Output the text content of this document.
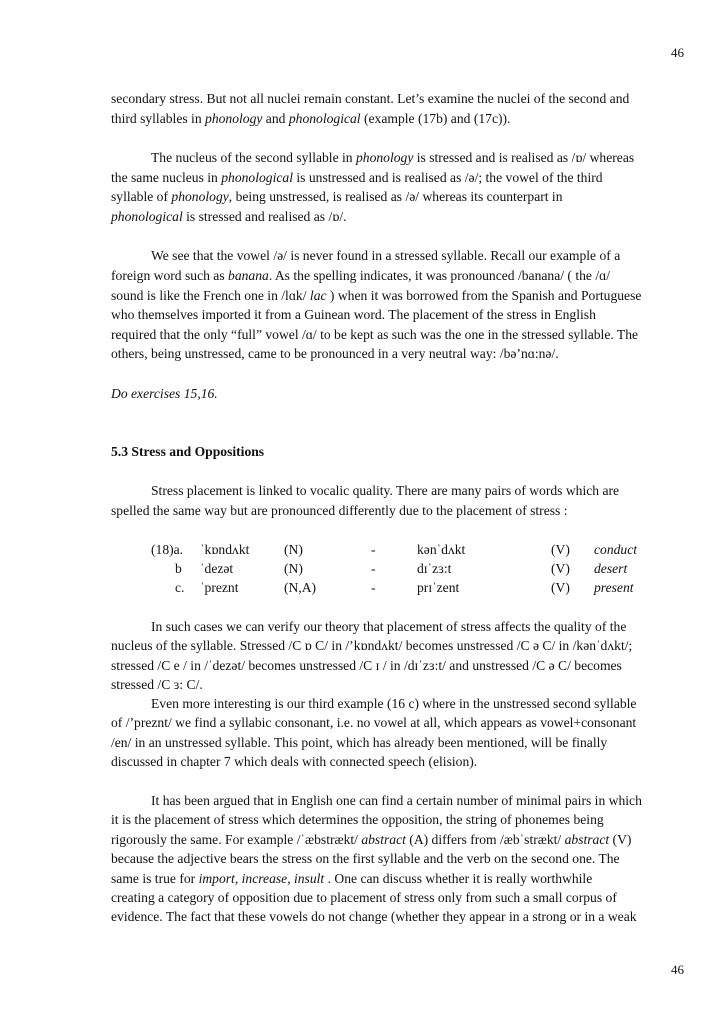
46
secondary stress. But not all nuclei remain constant. Let’s examine the nuclei of the second and
third syllables in phonology and phonological (example (17b) and (17c)).
The nucleus of the second syllable in phonology is stressed and is realised as /ɒ/ whereas
the same nucleus in phonological is unstressed and is realised as /ə/; the vowel of the third
syllable of phonology, being unstressed, is realised as /ə/ whereas its counterpart in
phonological is stressed and realised as /ɒ/.
We see that the vowel /ə/ is never found in a stressed syllable. Recall our example of a
foreign word such as banana. As the spelling indicates, it was pronounced /banana/ ( the /ɑ/
sound is like the French one in /lɑk/ lac ) when it was borrowed from the Spanish and Portuguese
who themselves imported it from a Guinean word. The placement of the stress in English
required that the only “full” vowel /ɑ/ to be kept as such was the one in the stressed syllable. The
others, being unstressed, came to be pronounced in a very neutral way: /bə’nɑ:nə/.
Do exercises 15,16.
5.3 Stress and Oppositions
Stress placement is linked to vocalic quality. There are many pairs of words which are
spelled the same way but are pronounced differently due to the placement of stress :
(18)a. ˈkɒndʌkt	(N)	-	kənˈdʌkt	(V) conduct
b ˈdezət	(N)	-	dɪˈzɜ:t	(V) desert
c. ˈpreznt	(N,A)	-	prɪˈzent	(V) present
In such cases we can verify our theory that placement of stress affects the quality of the
nucleus of the syllable. Stressed /C ɒ C/ in /’kɒndʌkt/ becomes unstressed /C ə C/ in /kənˈdʌkt/;
stressed /C e / in /ˈdezət/ becomes unstressed /C ɪ / in /dɪˈzɜ:t/ and unstressed /C ə C/ becomes
stressed /C ɜ: C/.
Even more interesting is our third example (16 c) where in the unstressed second syllable
of /’preznt/ we find a syllabic consonant, i.e. no vowel at all, which appears as vowel+consonant
/en/ in an unstressed syllable. This point, which has already been mentioned, will be finally
discussed in chapter 7 which deals with connected speech (elision).
It has been argued that in English one can find a certain number of minimal pairs in which
it is the placement of stress which determines the opposition, the string of phonemes being
rigorously the same. For example /ˈæbstrækt/ abstract (A) differs from /æbˈstrækt/ abstract (V)
because the adjective bears the stress on the first syllable and the verb on the second one. The
same is true for import, increase, insult . One can discuss whether it is really worthwhile
creating a category of opposition due to placement of stress only from such a small corpus of
evidence. The fact that these vowels do not change (whether they appear in a strong or in a weak
46
